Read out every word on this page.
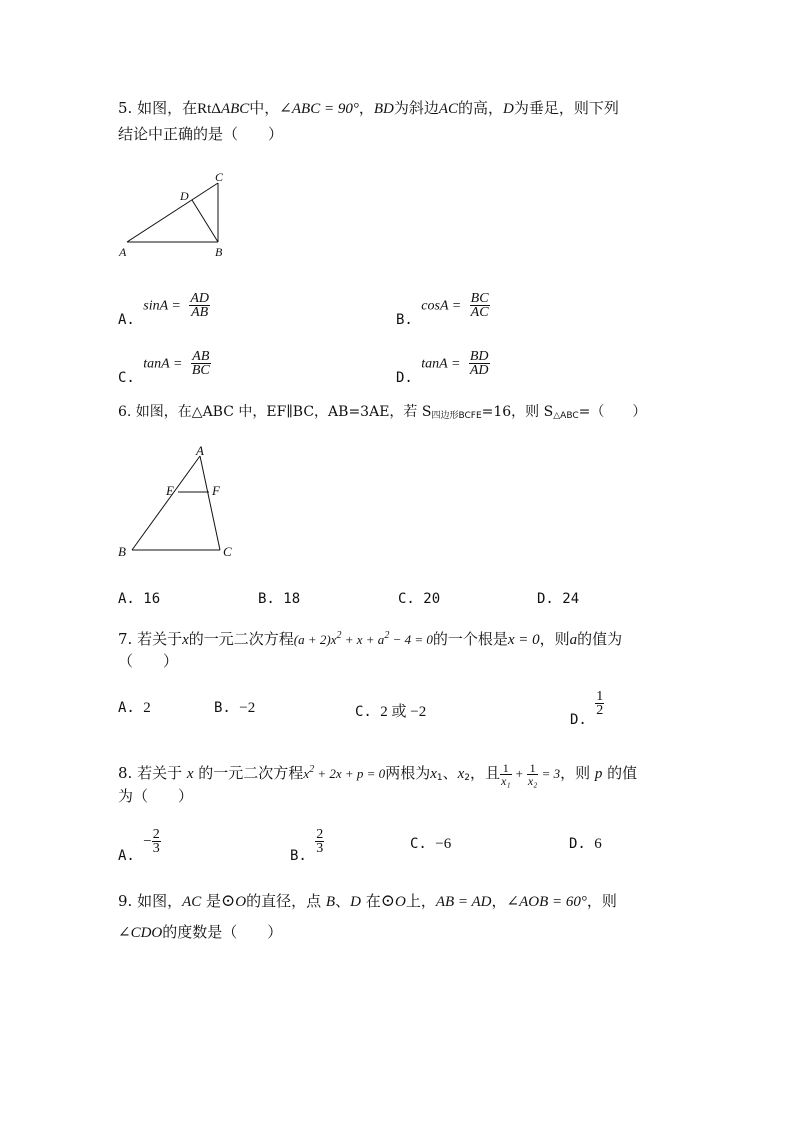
5. 如图，在RtΔABC中，∠ABC = 90°，BD为斜边AC的高，D为垂足，则下列
结论中正确的是（　　）
A	B
C
D
A. $\sin A = \frac{AD}{AB}$
B. $\cos A = \frac{BC}{AC}$
C. $\tan A = \frac{AB}{BC}$
D. $\tan A = \frac{BD}{AD}$
6. 如图，在△ABC 中，EF∥BC，AB=3AE，若 $S_{四边形BCFE}=16$，则 $S_{\triangle ABC}=$（　　）
A
B	C
E	F
A. 16	B. 18	C. 20	D. 24
7. 若关于x的一元二次方程$(a + 2)x^2 + x + a^2 - 4 = 0$的一个根是x = 0，则a的值为
（　　）
A. 2	B. −2	C. 2 或 −2	D.
$\frac{1}{2}$
8. 若关于 x 的一元二次方程$x^2 + 2x + p = 0$两根为$x_1$、$x_2$，且 $\frac{1}{\text{x₁}} + \frac{1}{\text{x₂}} = 3$，则 p 的值
为（　　）
A. − $\frac{2}{3}$
B.
$\frac{2}{3}$	C. −6	D. 6
9. 如图，AC 是⊙O的直径，点 B、D 在⊙O上，AB = AD，∠AOB = 60°，则
∠CDO的度数是（　　）
